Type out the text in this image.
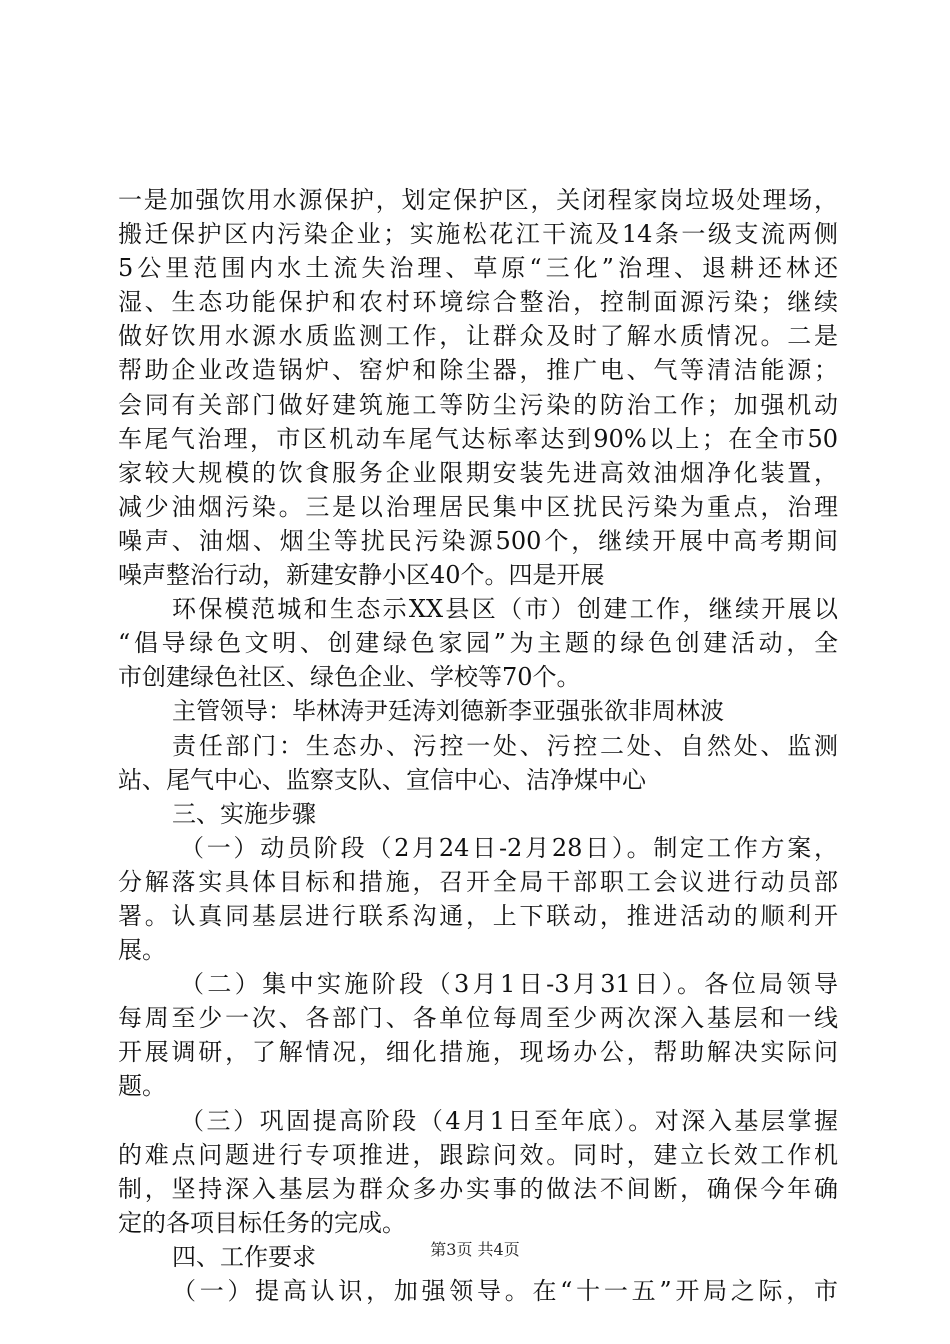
一是加强饮用水源保护，划定保护区，关闭程家岗垃圾处理场，
搬迁保护区内污染企业；实施松花江干流及14条一级支流两侧
5公里范围内水土流失治理、草原“三化”治理、退耕还林还
湿、生态功能保护和农村环境综合整治，控制面源污染；继续
做好饮用水源水质监测工作，让群众及时了解水质情况。二是
帮助企业改造锅炉、窑炉和除尘器，推广电、气等清洁能源；
会同有关部门做好建筑施工等防尘污染的防治工作；加强机动
车尾气治理，市区机动车尾气达标率达到90%以上；在全市50
家较大规模的饮食服务企业限期安装先进高效油烟净化装置，
减少油烟污染。三是以治理居民集中区扰民污染为重点，治理
噪声、油烟、烟尘等扰民污染源500个，继续开展中高考期间
噪声整治行动，新建安静小区40个。四是开展
环保模范城和生态示XX县区（市）创建工作，继续开展以
“倡导绿色文明、创建绿色家园”为主题的绿色创建活动，全
市创建绿色社区、绿色企业、学校等70个。
主管领导：毕林涛尹廷涛刘德新李亚强张欲非周林波
责任部门：生态办、污控一处、污控二处、自然处、监测
站、尾气中心、监察支队、宣信中心、洁净煤中心
三、实施步骤
（一）动员阶段（2月24日-2月28日）。制定工作方案，
分解落实具体目标和措施，召开全局干部职工会议进行动员部
署。认真同基层进行联系沟通，上下联动，推进活动的顺利开
展。
（二）集中实施阶段（3月1日-3月31日）。各位局领导
每周至少一次、各部门、各单位每周至少两次深入基层和一线
开展调研，了解情况，细化措施，现场办公，帮助解决实际问
题。
（三）巩固提高阶段（4月1日至年底）。对深入基层掌握
的难点问题进行专项推进，跟踪问效。同时，建立长效工作机
制，坚持深入基层为群众多办实事的做法不间断，确保今年确
定的各项目标任务的完成。
四、工作要求
（一）提高认识，加强领导。在“十一五”开局之际，市
第3页 共4页
